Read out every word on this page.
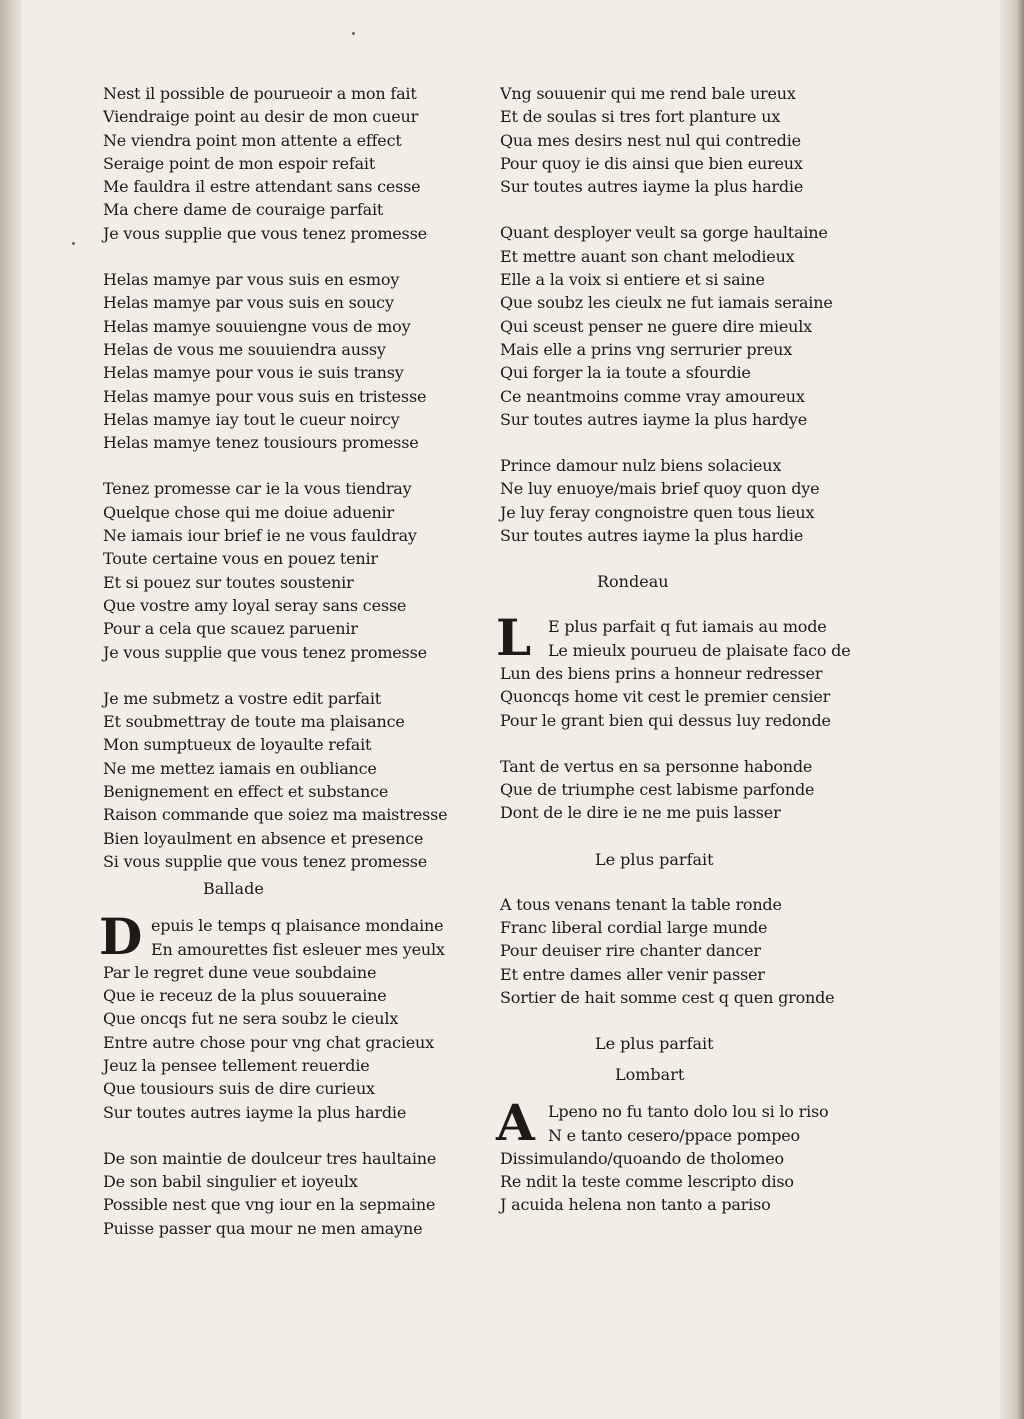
Nest il possible de pourueoir a mon fait
Viendraige point au desir de mon cueur
Ne viendra point mon attente a effect
Seraige point de mon espoir refait
Me fauldra il estre attendant sans cesse
Ma chere dame de couraige parfait
Je vous supplie que vous tenez promesse
Helas mamye par vous suis en esmoy
Helas mamye par vous suis en soucy
Helas mamye souuiengne vous de moy
Helas de vous me souuiendra aussy
Helas mamye pour vous ie suis transy
Helas mamye pour vous suis en tristesse
Helas mamye iay tout le cueur noircy
Helas mamye tenez tousiours promesse
Tenez promesse car ie la vous tiendray
Quelque chose qui me doiue aduenir
Ne iamais iour brief ie ne vous fauldray
Toute certaine vous en pouez tenir
Et si pouez sur toutes soustenir
Que vostre amy loyal seray sans cesse
Pour a cela que scauez paruenir
Je vous supplie que vous tenez promesse
Je me submetz a vostre edit parfait
Et soubmettray de toute ma plaisance
Mon sumptueux de loyaulte refait
Ne me mettez iamais en oubliance
Benignement en effect et substance
Raison commande que soiez ma maistresse
Bien loyaulment en absence et presence
Si vous supplie que vous tenez promesse
Ballade
D epuis le temps q plaisance mondaine
En amourettes fist esleuer mes yeulx
Par le regret dune veue soubdaine
Que ie receuz de la plus souueraine
Que oncqs fut ne sera soubz le cieulx
Entre autre chose pour vng chat gracieux
Jeuz la pensee tellement reuerdie
Que tousiours suis de dire curieux
Sur toutes autres iayme la plus hardie
De son maintie de doulceur tres haultaine
De son babil singulier et ioyeulx
Possible nest que vng iour en la sepmaine
Puisse passer qua mour ne men amayne
Vng souuenir qui me rend bale ureux
Et de soulas si tres fort planture ux
Qua mes desirs nest nul qui contredie
Pour quoy ie dis ainsi que bien eureux
Sur toutes autres iayme la plus hardie
Quant desployer veult sa gorge haultaine
Et mettre auant son chant melodieux
Elle a la voix si entiere et si saine
Que soubz les cieulx ne fut iamais seraine
Qui sceust penser ne guere dire mieulx
Mais elle a prins vng serrurier preux
Qui forger la ia toute a sfourdie
Ce neantmoins comme vray amoureux
Sur toutes autres iayme la plus hardye
Prince damour nulz biens solacieux
Ne luy enuoye/mais brief quoy quon dye
Je luy feray congnoistre quen tous lieux
Sur toutes autres iayme la plus hardie
Rondeau
L	E plus parfait q fut iamais au mode
Le mieulx pourueu de plaisate faco de
Lun des biens prins a honneur redresser
Quoncqs home vit cest le premier censier
Pour le grant bien qui dessus luy redonde
Tant de vertus en sa personne habonde
Que de triumphe cest labisme parfonde
Dont de le dire ie ne me puis lasser
Le plus parfait
A tous venans tenant la table ronde
Franc liberal cordial large munde
Pour deuiser rire chanter dancer
Et entre dames aller venir passer
Sortier de hait somme cest q quen gronde
Le plus parfait
Lombart
A Lpeno no fu tanto dolo lou si lo riso
N e tanto cesero/ppace pompeo
Dissimulando/quoando de tholomeo
Re ndit la teste comme lescripto diso
J acuida helena non tanto a pariso
